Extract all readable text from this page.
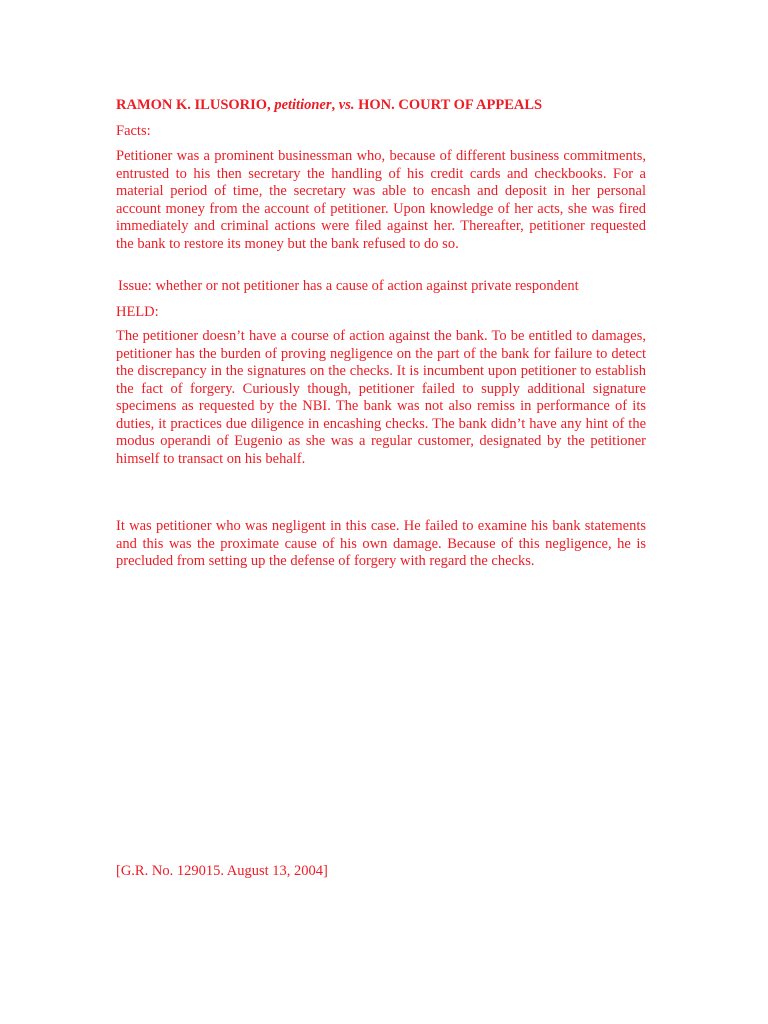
RAMON K. ILUSORIO, petitioner, vs. HON. COURT OF APPEALS
Facts:
Petitioner was a prominent businessman who, because of different business commitments, entrusted to his then secretary the handling of his credit cards and checkbooks. For a material period of time, the secretary was able to encash and deposit in her personal account money from the account of petitioner. Upon knowledge of her acts, she was fired immediately and criminal actions were filed against her. Thereafter, petitioner requested the bank to restore its money but the bank refused to do so.
Issue: whether or not petitioner has a cause of action against private respondent
HELD:
The petitioner doesn’t have a course of action against the bank. To be entitled to damages, petitioner has the burden of proving negligence on the part of the bank for failure to detect the discrepancy in the signatures on the checks. It is incumbent upon petitioner to establish the fact of forgery. Curiously though, petitioner failed to supply additional signature specimens as requested by the NBI. The bank was not also remiss in performance of its duties, it practices due diligence in encashing checks. The bank didn’t have any hint of the modus operandi of Eugenio as she was a regular customer, designated by the petitioner himself to transact on his behalf.
It was petitioner who was negligent in this case. He failed to examine his bank statements and this was the proximate cause of his own damage. Because of this negligence, he is precluded from setting up the defense of forgery with regard the checks.
[G.R. No. 129015. August 13, 2004]
